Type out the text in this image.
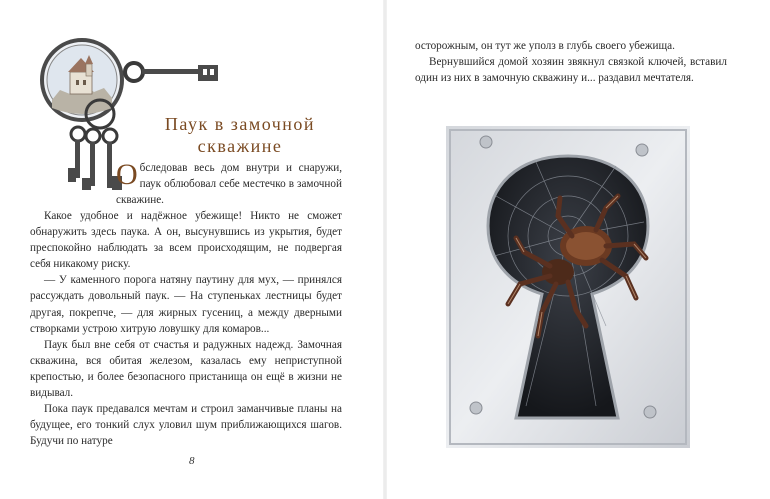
Паук в замочной
скважине

Обследовав весь дом внутри и снаружи, паук облюбовал себе местечко в замочной скважине.

Какое удобное и надёжное убежище! Никто не сможет обнаружить здесь паука. А он, высунувшись из укрытия, будет преспокойно наблюдать за всем происходящим, не подвергая себя никакому риску.

— У каменного порога натяну паутину для мух, — принялся рассуждать довольный паук. — На ступеньках лестницы будет другая, покрепче, — для жирных гусениц, а между дверными створками устрою хитрую ловушку для комаров...

Паук был вне себя от счастья и радужных надежд. Замочная скважина, вся обитая железом, казалась ему неприступной крепостью, и более безопасного пристанища он ещё в жизни не видывал.

Пока паук предавался мечтам и строил заманчивые планы на будущее, его тонкий слух уловил шум приближающихся шагов. Будучи по натуре

8

осторожным, он тут же уполз в глубь своего убежища.

Вернувшийся домой хозяин звякнул связкой ключей, вставил один из них в замочную скважину и... раздавил мечтателя.
